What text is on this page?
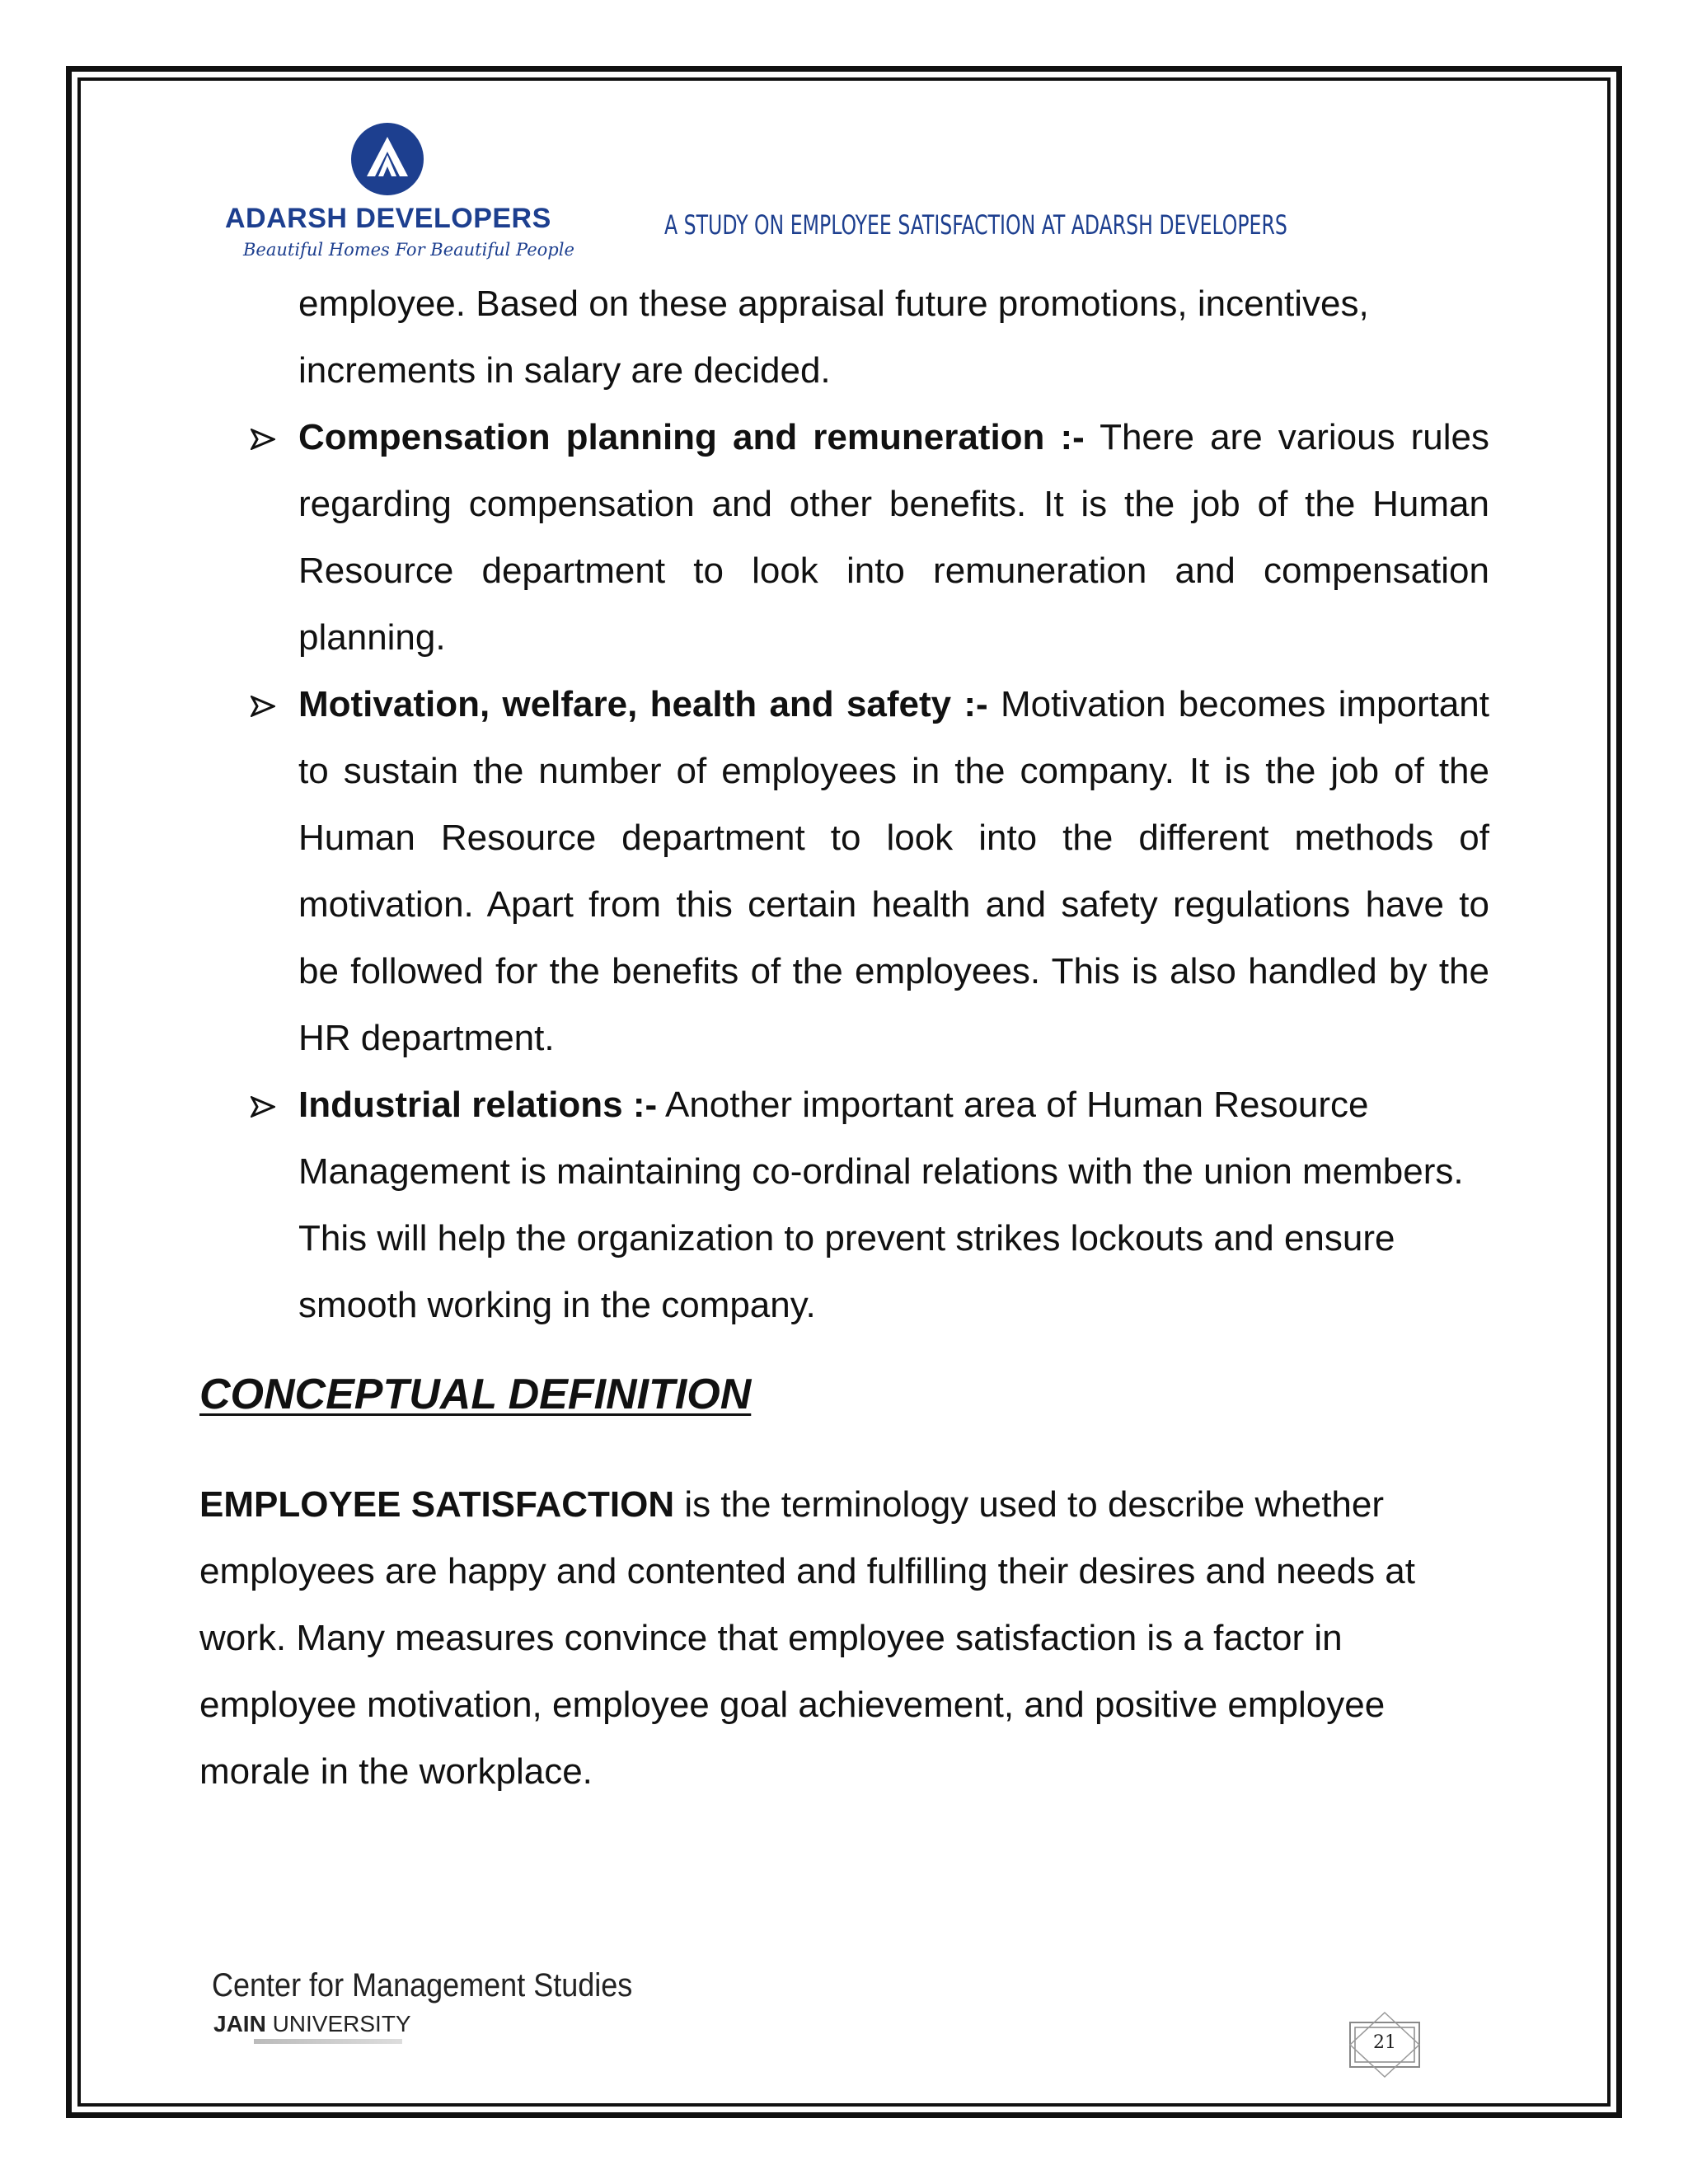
ADARSH DEVELOPERS
Beautiful Homes For Beautiful People
A STUDY ON EMPLOYEE SATISFACTION AT ADARSH DEVELOPERS
employee. Based on these appraisal future promotions, incentives,
increments in salary are decided.
Compensation planning and remuneration :- There are various rules regarding compensation and other benefits. It is the job of the Human Resource department to look into remuneration and compensation planning.
Motivation, welfare, health and safety :- Motivation becomes important to sustain the number of employees in the company. It is the job of the Human Resource department to look into the different methods of motivation. Apart from this certain health and safety regulations have to be followed for the benefits of the employees. This is also handled by the HR department.
Industrial relations :- Another important area of Human Resource Management is maintaining co-ordinal relations with the union members. This will help the organization to prevent strikes lockouts and ensure smooth working in the company.
CONCEPTUAL DEFINITION
EMPLOYEE SATISFACTION is the terminology used to describe whether employees are happy and contented and fulfilling their desires and needs at work. Many measures convince that employee satisfaction is a factor in employee motivation, employee goal achievement, and positive employee morale in the workplace.
Center for Management Studies
JAIN UNIVERSITY
21
